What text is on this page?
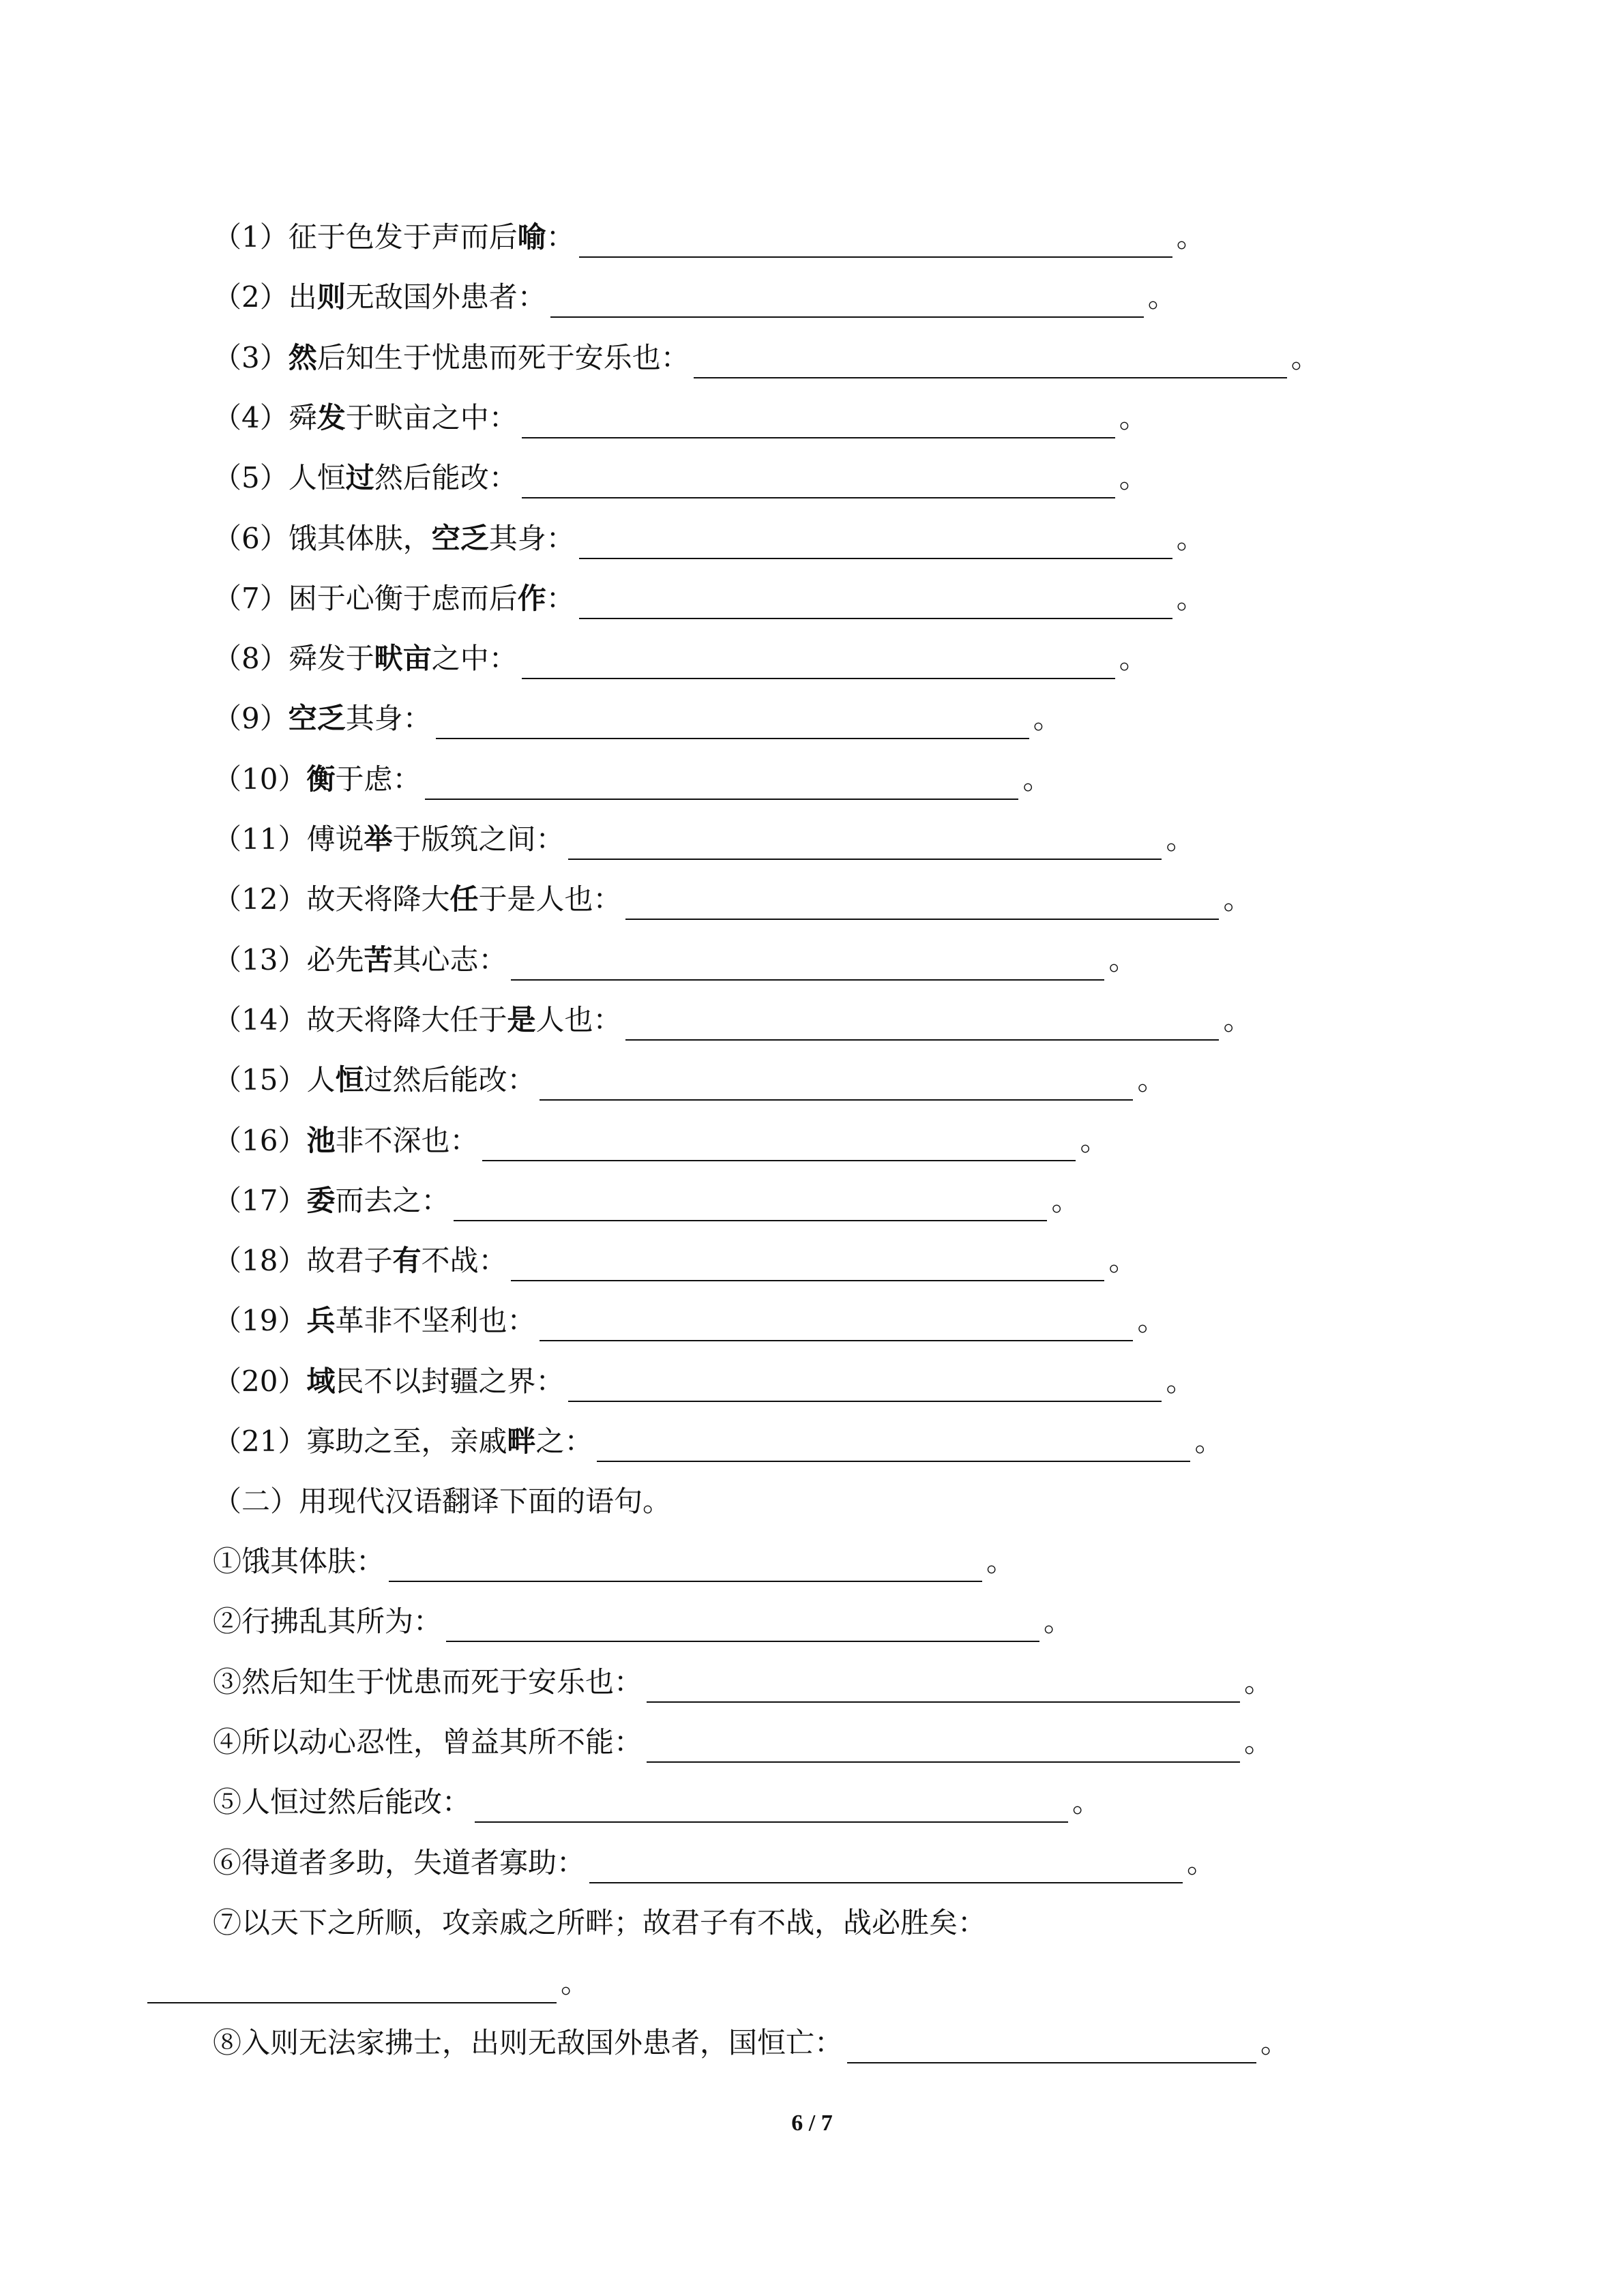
（1）征于色发于声而后 喻 ：	。
（2）出 则 无敌国外患者：	。
（3） 然 后知生于忧患而死于安乐也：	。
（4）舜 发 于畎亩之中：	。
（5）人恒 过 然后能改：	。
（6）饿其体肤， 空乏 其身：	。
（7）困于心衡于虑而后 作 ：	。
（8）舜发于 畎亩 之中：	。
（9） 空乏 其身：	。
（10） 衡 于虑：	。
（11）傅说 举 于版筑之间：	。
（12）故天将降大 任 于是人也：	。
（13）必先 苦 其心志：	。
（14）故天将降大任于 是 人也：	。
（15）人 恒 过然后能改：	。
（16） 池 非不深也：	。
（17） 委 而去之：	。
（18）故君子 有 不战：	。
（19） 兵 革非不坚利也：	。
（20） 域 民不以封疆之界：	。
（21）寡助之至，亲戚 畔 之：	。
（二）用现代汉语翻译下面的语句。
①饿其体肤：	。
②行拂乱其所为：	。
③然后知生于忧患而死于安乐也：	。
④所以动心忍性，曾益其所不能：	。
⑤人恒过然后能改：	。
⑥得道者多助，失道者寡助：	。
⑦以天下之所顺，攻亲戚之所畔；故君子有不战，战必胜矣：
。
⑧入则无法家拂士，出则无敌国外患者，国恒亡：	。
6 / 7
